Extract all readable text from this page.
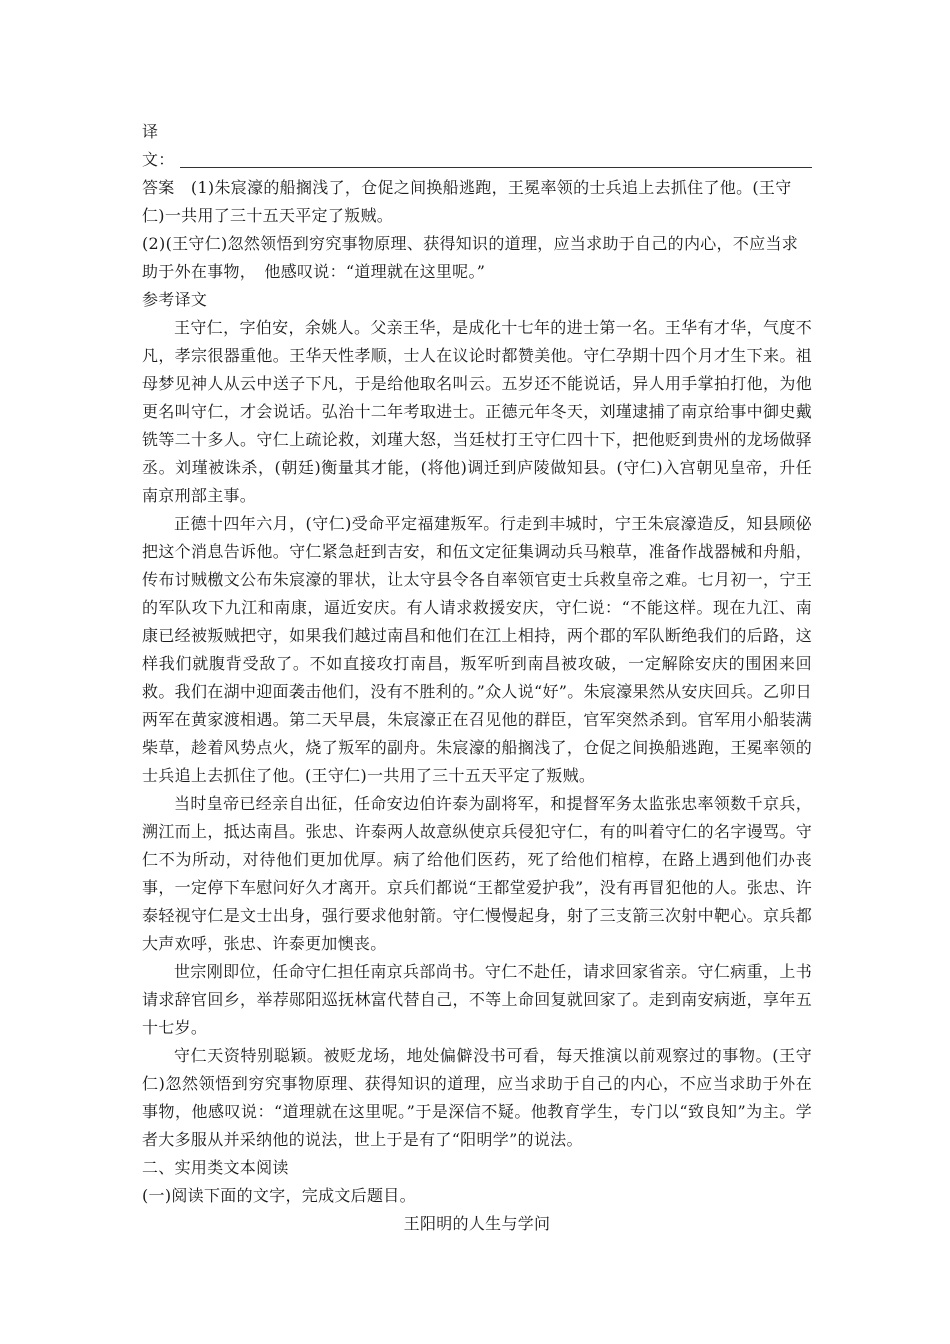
译文：

答案　(1)朱宸濠的船搁浅了，仓促之间换船逃跑，王冕率领的士兵追上去抓住了他。(王守仁)一共用了三十五天平定了叛贼。

(2)(王守仁)忽然领悟到穷究事物原理、获得知识的道理，应当求助于自己的内心，不应当求助于外在事物，　他感叹说：“道理就在这里呢。”

参考译文

王守仁，字伯安，余姚人。父亲王华，是成化十七年的进士第一名。王华有才华，气度不凡，孝宗很器重他。王华天性孝顺，士人在议论时都赞美他。守仁孕期十四个月才生下来。祖母梦见神人从云中送子下凡，于是给他取名叫云。五岁还不能说话，异人用手掌拍打他，为他更名叫守仁，才会说话。弘治十二年考取进士。正德元年冬天，刘瑾逮捕了南京给事中御史戴铣等二十多人。守仁上疏论救，刘瑾大怒，当廷杖打王守仁四十下，把他贬到贵州的龙场做驿丞。刘瑾被诛杀，(朝廷)衡量其才能，(将他)调迁到庐陵做知县。(守仁)入宫朝见皇帝，升任南京刑部主事。

正德十四年六月，(守仁)受命平定福建叛军。行走到丰城时，宁王朱宸濠造反，知县顾佖把这个消息告诉他。守仁紧急赶到吉安，和伍文定征集调动兵马粮草，准备作战器械和舟船，传布讨贼檄文公布朱宸濠的罪状，让太守县令各自率领官吏士兵救皇帝之难。七月初一，宁王的军队攻下九江和南康，逼近安庆。有人请求救援安庆，守仁说：“不能这样。现在九江、南康已经被叛贼把守，如果我们越过南昌和他们在江上相持，两个郡的军队断绝我们的后路，这样我们就腹背受敌了。不如直接攻打南昌，叛军听到南昌被攻破，一定解除安庆的围困来回救。我们在湖中迎面袭击他们，没有不胜利的。”众人说“好”。朱宸濠果然从安庆回兵。乙卯日两军在黄家渡相遇。第二天早晨，朱宸濠正在召见他的群臣，官军突然杀到。官军用小船装满柴草，趁着风势点火，烧了叛军的副舟。朱宸濠的船搁浅了，仓促之间换船逃跑，王冕率领的士兵追上去抓住了他。(王守仁)一共用了三十五天平定了叛贼。

当时皇帝已经亲自出征，任命安边伯许泰为副将军，和提督军务太监张忠率领数千京兵，溯江而上，抵达南昌。张忠、许泰两人故意纵使京兵侵犯守仁，有的叫着守仁的名字谩骂。守仁不为所动，对待他们更加优厚。病了给他们医药，死了给他们棺椁，在路上遇到他们办丧事，一定停下车慰问好久才离开。京兵们都说“王都堂爱护我”，没有再冒犯他的人。张忠、许泰轻视守仁是文士出身，强行要求他射箭。守仁慢慢起身，射了三支箭三次射中靶心。京兵都大声欢呼，张忠、许泰更加懊丧。

世宗刚即位，任命守仁担任南京兵部尚书。守仁不赴任，请求回家省亲。守仁病重，上书请求辞官回乡，举荐郧阳巡抚林富代替自己，不等上命回复就回家了。走到南安病逝，享年五十七岁。

守仁天资特别聪颖。被贬龙场，地处偏僻没书可看，每天推演以前观察过的事物。(王守仁)忽然领悟到穷究事物原理、获得知识的道理，应当求助于自己的内心，不应当求助于外在事物，他感叹说：“道理就在这里呢。”于是深信不疑。他教育学生，专门以“致良知”为主。学者大多服从并采纳他的说法，世上于是有了“阳明学”的说法。

二、实用类文本阅读

(一)阅读下面的文字，完成文后题目。

王阳明的人生与学问
